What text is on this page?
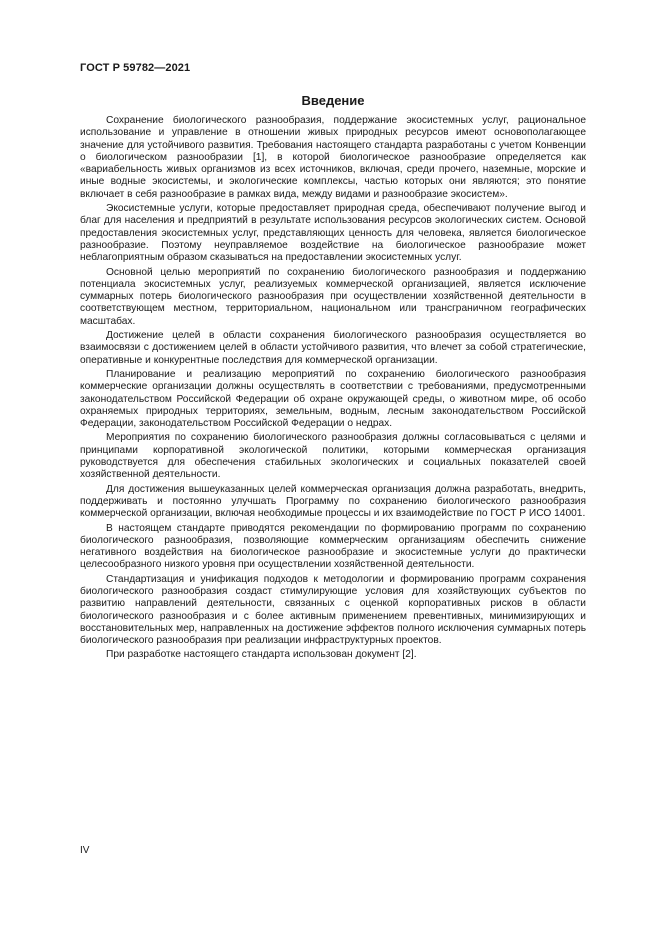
ГОСТ Р 59782—2021
Введение

Сохранение биологического разнообразия, поддержание экосистемных услуг, рациональное использование и управление в отношении живых природных ресурсов имеют основополагающее значение для устойчивого развития. Требования настоящего стандарта разработаны с учетом Конвенции о биологическом разнообразии [1], в которой биологическое разнообразие определяется как «вариабельность живых организмов из всех источников, включая, среди прочего, наземные, морские и иные водные экосистемы, и экологические комплексы, частью которых они являются; это понятие включает в себя разнообразие в рамках вида, между видами и разнообразие экосистем».

Экосистемные услуги, которые предоставляет природная среда, обеспечивают получение выгод и благ для населения и предприятий в результате использования ресурсов экологических систем. Основой предоставления экосистемных услуг, представляющих ценность для человека, является биологическое разнообразие. Поэтому неуправляемое воздействие на биологическое разнообразие может неблагоприятным образом сказываться на предоставлении экосистемных услуг.

Основной целью мероприятий по сохранению биологического разнообразия и поддержанию потенциала экосистемных услуг, реализуемых коммерческой организацией, является исключение суммарных потерь биологического разнообразия при осуществлении хозяйственной деятельности в соответствующем местном, территориальном, национальном или трансграничном географических масштабах.

Достижение целей в области сохранения биологического разнообразия осуществляется во взаимосвязи с достижением целей в области устойчивого развития, что влечет за собой стратегические, оперативные и конкурентные последствия для коммерческой организации.

Планирование и реализацию мероприятий по сохранению биологического разнообразия коммерческие организации должны осуществлять в соответствии с требованиями, предусмотренными законодательством Российской Федерации об охране окружающей среды, о животном мире, об особо охраняемых природных территориях, земельным, водным, лесным законодательством Российской Федерации, законодательством Российской Федерации о недрах.

Мероприятия по сохранению биологического разнообразия должны согласовываться с целями и принципами корпоративной экологической политики, которыми коммерческая организация руководствуется для обеспечения стабильных экологических и социальных показателей своей хозяйственной деятельности.

Для достижения вышеуказанных целей коммерческая организация должна разработать, внедрить, поддерживать и постоянно улучшать Программу по сохранению биологического разнообразия коммерческой организации, включая необходимые процессы и их взаимодействие по ГОСТ Р ИСО 14001.

В настоящем стандарте приводятся рекомендации по формированию программ по сохранению биологического разнообразия, позволяющие коммерческим организациям обеспечить снижение негативного воздействия на биологическое разнообразие и экосистемные услуги до практически целесообразного низкого уровня при осуществлении хозяйственной деятельности.

Стандартизация и унификация подходов к методологии и формированию программ сохранения биологического разнообразия создаст стимулирующие условия для хозяйствующих субъектов по развитию направлений деятельности, связанных с оценкой корпоративных рисков в области биологического разнообразия и с более активным применением превентивных, минимизирующих и восстановительных мер, направленных на достижение эффектов полного исключения суммарных потерь биологического разнообразия при реализации инфраструктурных проектов.

При разработке настоящего стандарта использован документ [2].

IV
